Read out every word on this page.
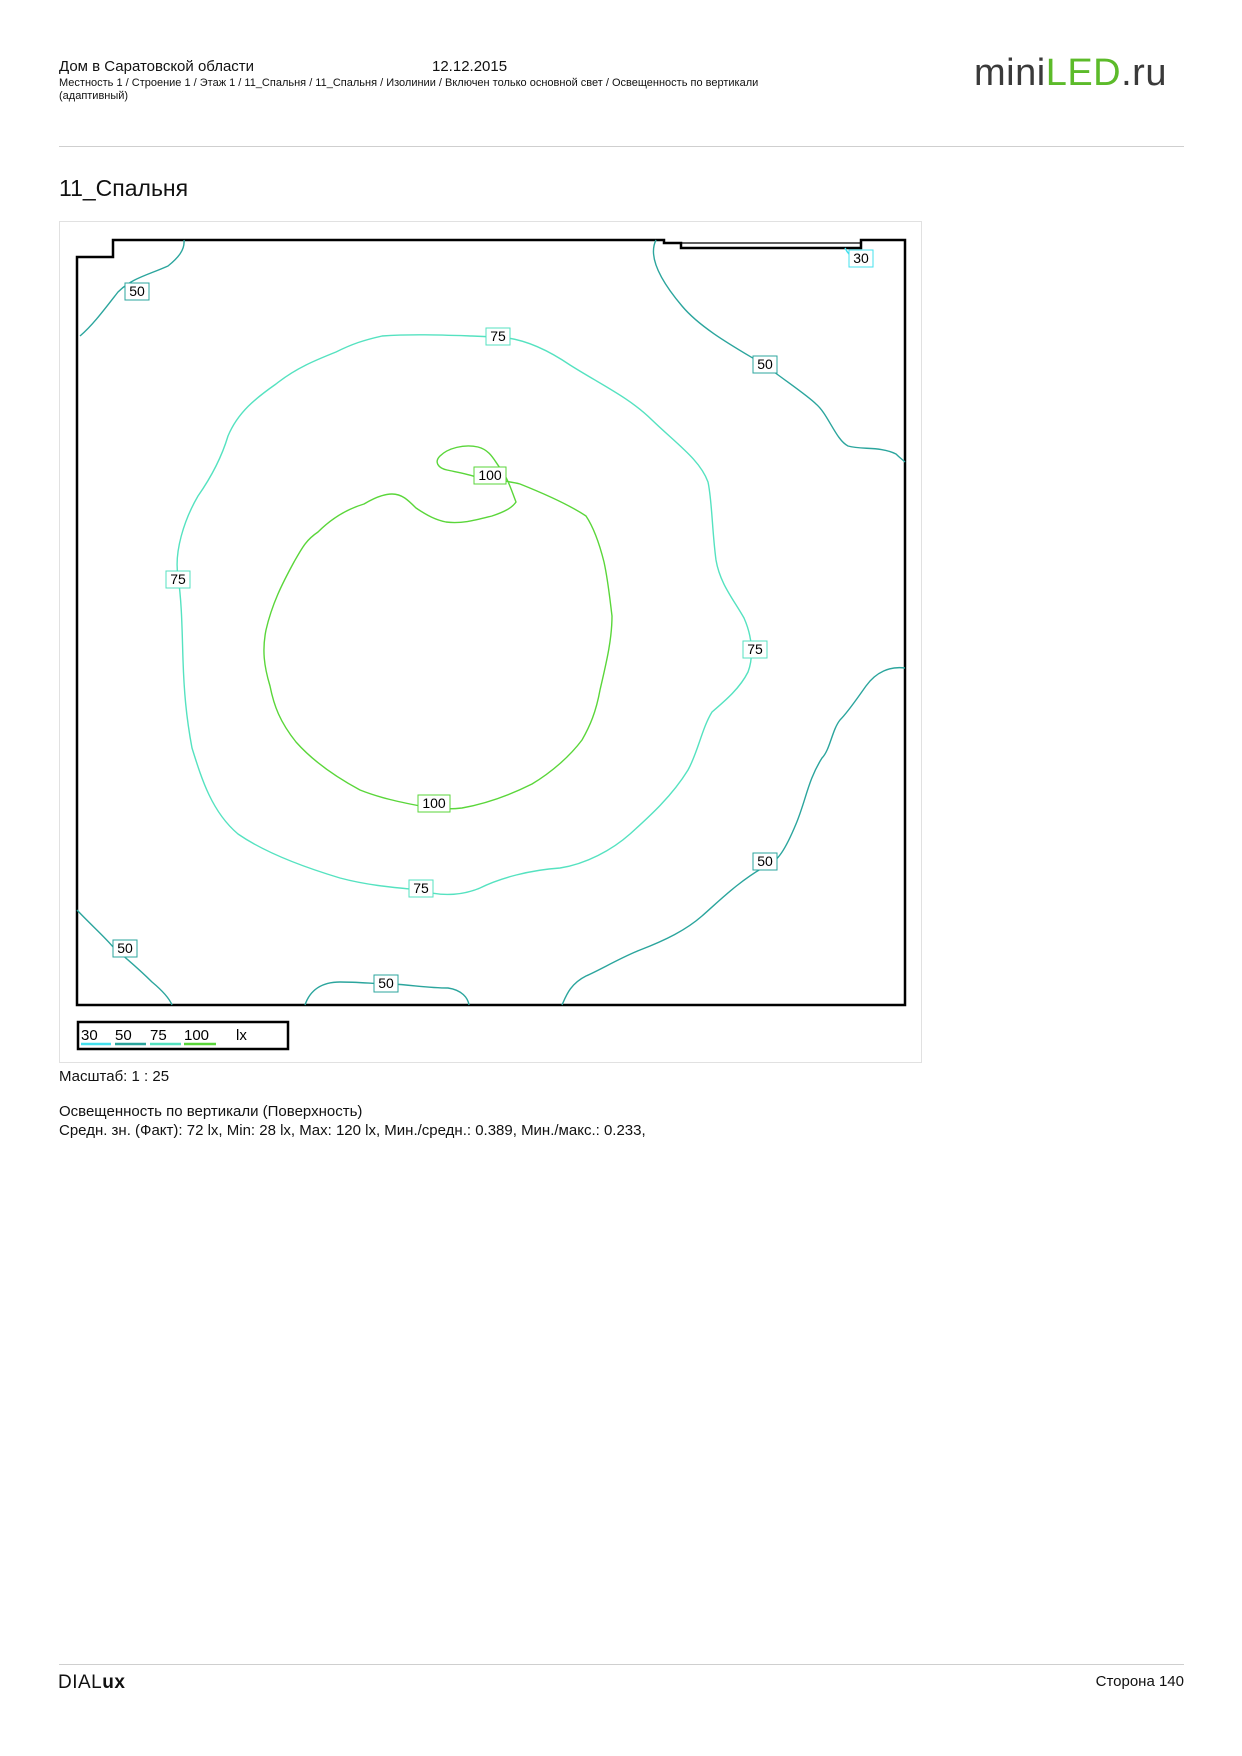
Дом в Саратовской области	12.12.2015
Местность 1 / Строение 1 / Этаж 1 / 11_Спальня / 11_Спальня / Изолинии / Включен только основной свет / Освещенность по вертикали (адаптивный)
miniLED.ru
11_Спальня
30
50
50
50
50
50
75
75
75
75
100
100
30 50 75 100 lx
Масштаб: 1 : 25
Освещенность по вертикали (Поверхность)
Средн. зн. (Факт): 72 lx, Min: 28 lx, Max: 120 lx, Мин./средн.: 0.389, Мин./макс.: 0.233,
DIALux	Сторона 140
